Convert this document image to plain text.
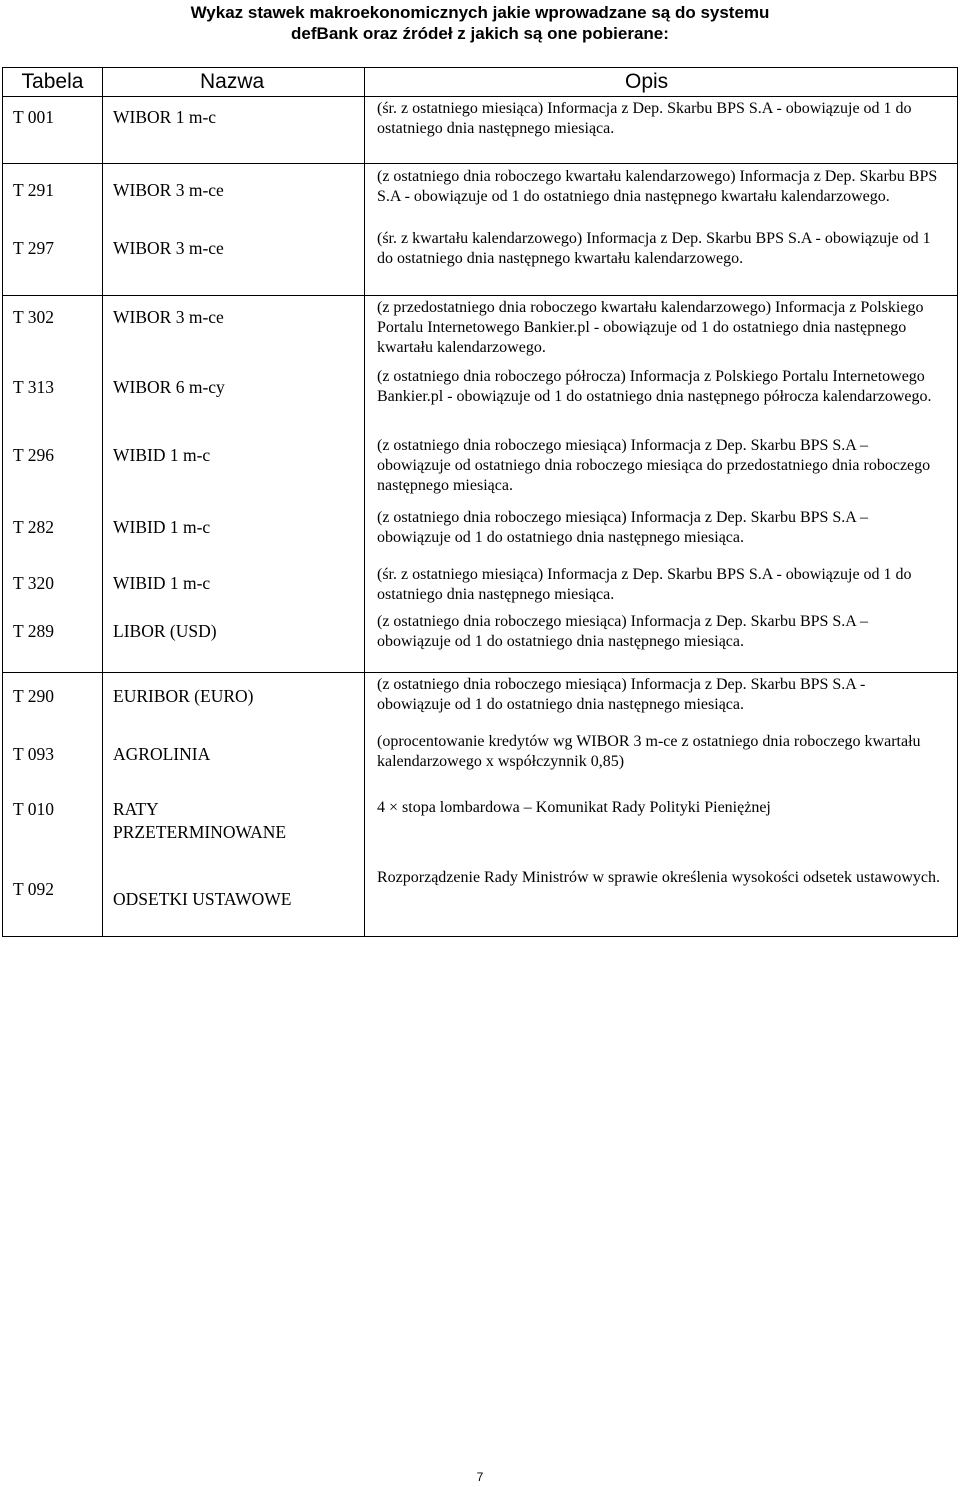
Wykaz stawek makroekonomicznych jakie wprowadzane są do systemu
defBank oraz źródeł z jakich są one pobierane:
Tabela	Nazwa	Opis
T 001	WIBOR 1 m-c	(śr. z ostatniego miesiąca) Informacja z Dep. Skarbu BPS S.A - obowiązuje od 1 do ostatniego dnia następnego miesiąca.

T 291	WIBOR 3 m-ce	(z ostatniego dnia roboczego kwartału kalendarzowego) Informacja z Dep. Skarbu BPS S.A - obowiązuje od 1 do ostatniego dnia następnego kwartału kalendarzowego.
T 297	WIBOR 3 m-ce	(śr. z kwartału kalendarzowego) Informacja z Dep. Skarbu BPS S.A - obowiązuje od 1 do ostatniego dnia następnego kwartału kalendarzowego.

T 302	WIBOR 3 m-ce	(z przedostatniego dnia roboczego kwartału kalendarzowego) Informacja z Polskiego Portalu Internetowego Bankier.pl - obowiązuje od 1 do ostatniego dnia następnego kwartału kalendarzowego.
T 313	WIBOR 6 m-cy	(z ostatniego dnia roboczego półrocza) Informacja z Polskiego Portalu Internetowego Bankier.pl - obowiązuje od 1 do ostatniego dnia następnego półrocza kalendarzowego.
T 296	WIBID 1 m-c	(z ostatniego dnia roboczego miesiąca) Informacja z Dep. Skarbu BPS S.A – obowiązuje od ostatniego dnia roboczego miesiąca do przedostatniego dnia roboczego następnego miesiąca.
T 282	WIBID 1 m-c	(z ostatniego dnia roboczego miesiąca) Informacja z Dep. Skarbu BPS S.A – obowiązuje od 1 do ostatniego dnia następnego miesiąca.
T 320	WIBID 1 m-c	(śr. z ostatniego miesiąca) Informacja z Dep. Skarbu BPS S.A - obowiązuje od 1 do ostatniego dnia następnego miesiąca.
T 289	LIBOR (USD)	(z ostatniego dnia roboczego miesiąca) Informacja z Dep. Skarbu BPS S.A – obowiązuje od 1 do ostatniego dnia następnego miesiąca.

T 290	EURIBOR (EURO)	(z ostatniego dnia roboczego miesiąca) Informacja z Dep. Skarbu BPS S.A - obowiązuje od 1 do ostatniego dnia następnego miesiąca.
T 093	AGROLINIA	(oprocentowanie kredytów wg WIBOR 3 m-ce z ostatniego dnia roboczego kwartału kalendarzowego x współczynnik 0,85)
T 010	RATY PRZETERMINOWANE	4 × stopa lombardowa – Komunikat Rady Polityki Pieniężnej
T 092	ODSETKI USTAWOWE	Rozporządzenie Rady Ministrów w sprawie określenia wysokości odsetek ustawowych.
7
